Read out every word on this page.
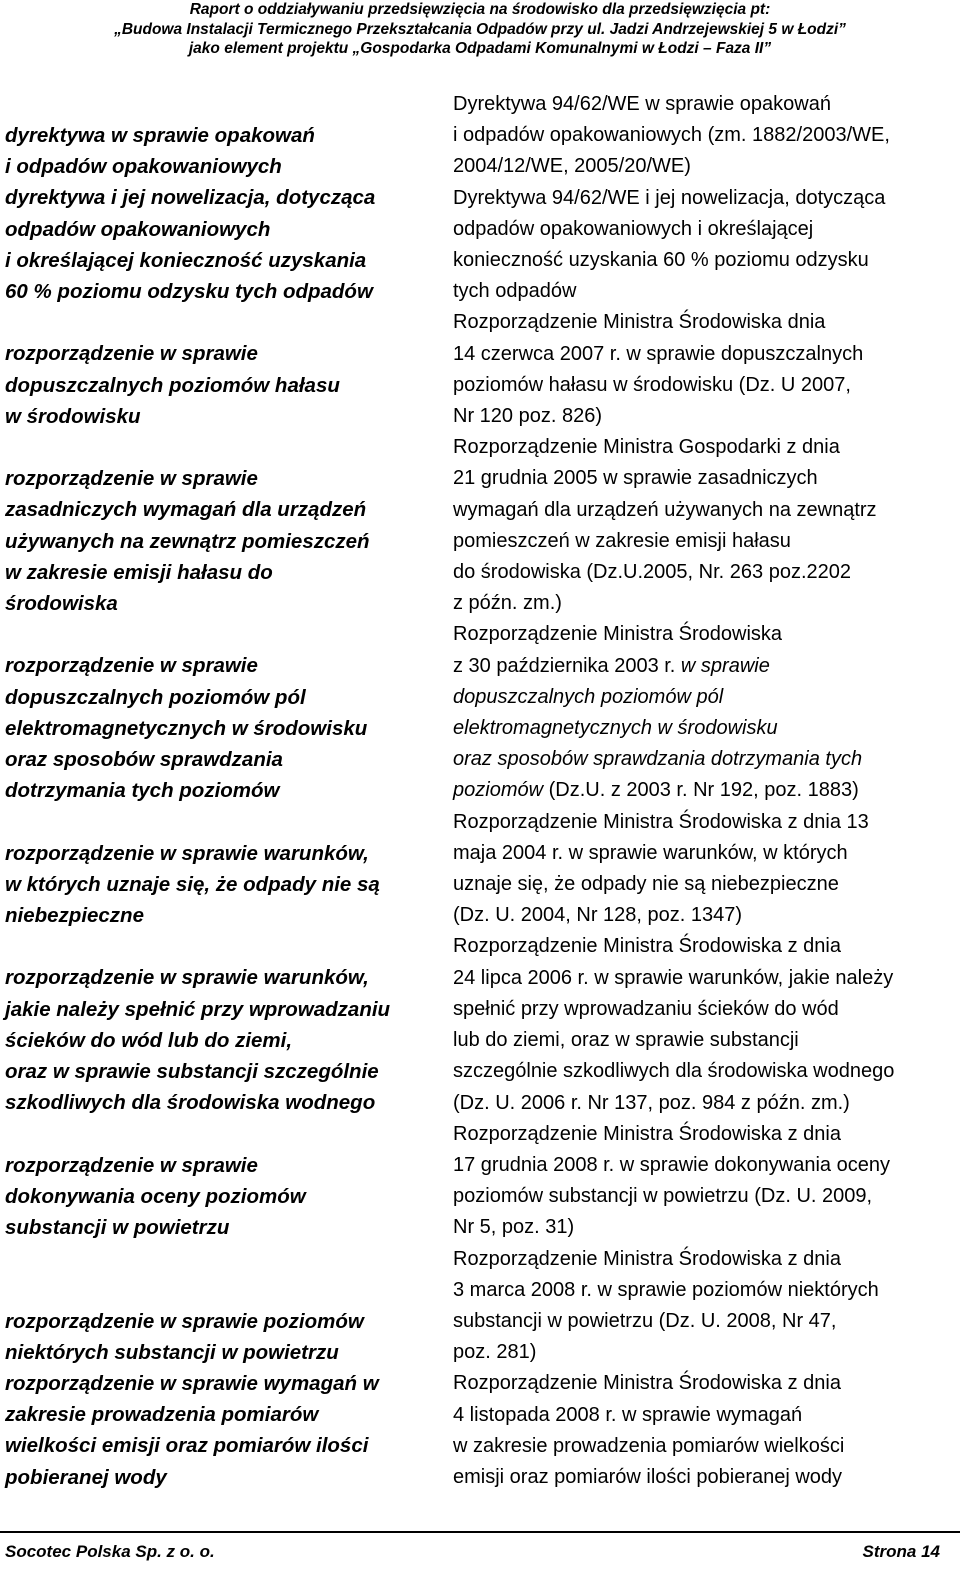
Raport o oddziaływaniu przedsięwzięcia na środowisko dla przedsięwzięcia pt:
„Budowa Instalacji Termicznego Przekształcania Odpadów przy ul. Jadzi Andrzejewskiej 5 w Łodzi”
jako element projektu „Gospodarka Odpadami Komunalnymi w Łodzi – Faza II”
dyrektywa w sprawie opakowań
i odpadów opakowaniowych
dyrektywa i jej nowelizacja, dotycząca
odpadów opakowaniowych
i określającej konieczność uzyskania
60 % poziomu odzysku tych odpadów
rozporządzenie w sprawie
dopuszczalnych poziomów hałasu
w środowisku
rozporządzenie w sprawie
zasadniczych wymagań dla urządzeń
używanych na zewnątrz pomieszczeń
w zakresie emisji hałasu do
środowiska
rozporządzenie w sprawie
dopuszczalnych poziomów pól
elektromagnetycznych w środowisku
oraz sposobów sprawdzania
dotrzymania tych poziomów
rozporządzenie w sprawie warunków,
w których uznaje się, że odpady nie są
niebezpieczne
rozporządzenie w sprawie warunków,
jakie należy spełnić przy wprowadzaniu
ścieków do wód lub do ziemi,
oraz w sprawie substancji szczególnie
szkodliwych dla środowiska wodnego
rozporządzenie w sprawie
dokonywania oceny poziomów
substancji w powietrzu
rozporządzenie w sprawie poziomów
niektórych substancji w powietrzu
rozporządzenie w sprawie wymagań w
zakresie prowadzenia pomiarów
wielkości emisji oraz pomiarów ilości
pobieranej wody
Dyrektywa 94/62/WE w sprawie opakowań
i odpadów opakowaniowych (zm. 1882/2003/WE,
2004/12/WE, 2005/20/WE)
Dyrektywa 94/62/WE i jej nowelizacja, dotycząca
odpadów opakowaniowych i określającej
konieczność uzyskania 60 % poziomu odzysku
tych odpadów
Rozporządzenie Ministra Środowiska dnia
14 czerwca 2007 r. w sprawie dopuszczalnych
poziomów hałasu w środowisku (Dz. U 2007,
Nr 120 poz. 826)
Rozporządzenie Ministra Gospodarki z dnia
21 grudnia 2005 w sprawie zasadniczych
wymagań dla urządzeń używanych na zewnątrz
pomieszczeń w zakresie emisji hałasu
do środowiska (Dz.U.2005, Nr. 263 poz.2202
z późn. zm.)
Rozporządzenie Ministra Środowiska
z 30 października 2003 r. w sprawie
dopuszczalnych poziomów pól
elektromagnetycznych w środowisku
oraz sposobów sprawdzania dotrzymania tych
poziomów (Dz.U. z 2003 r. Nr 192, poz. 1883)
Rozporządzenie Ministra Środowiska z dnia 13
maja 2004 r. w sprawie warunków, w których
uznaje się, że odpady nie są niebezpieczne
(Dz. U. 2004, Nr 128, poz. 1347)
Rozporządzenie Ministra Środowiska z dnia
24 lipca 2006 r. w sprawie warunków, jakie należy
spełnić przy wprowadzaniu ścieków do wód
lub do ziemi, oraz w sprawie substancji
szczególnie szkodliwych dla środowiska wodnego
(Dz. U. 2006 r. Nr 137, poz. 984 z późn. zm.)
Rozporządzenie Ministra Środowiska z dnia
17 grudnia 2008 r. w sprawie dokonywania oceny
poziomów substancji w powietrzu (Dz. U. 2009,
Nr 5, poz. 31)
Rozporządzenie Ministra Środowiska z dnia
3 marca 2008 r. w sprawie poziomów niektórych
substancji w powietrzu (Dz. U. 2008, Nr 47,
poz. 281)
Rozporządzenie Ministra Środowiska z dnia
4 listopada 2008 r. w sprawie wymagań
w zakresie prowadzenia pomiarów wielkości
emisji oraz pomiarów ilości pobieranej wody
Socotec Polska Sp. z o. o.	Strona 14
